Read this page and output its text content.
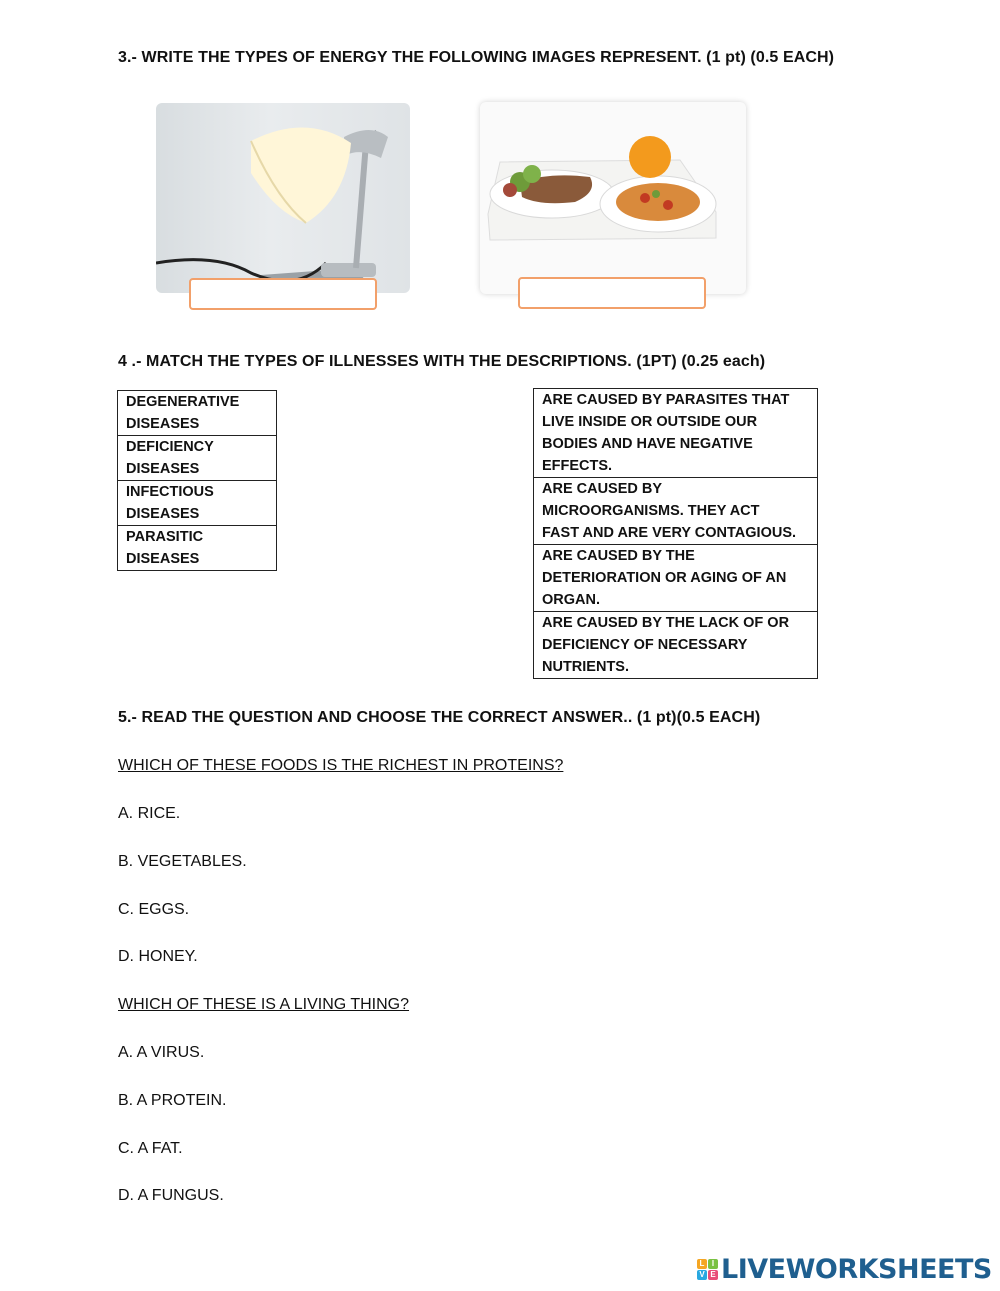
3.- WRITE THE TYPES OF ENERGY THE FOLLOWING IMAGES REPRESENT. (1 pt) (0.5 EACH)
4 .- MATCH THE TYPES OF ILLNESSES WITH THE DESCRIPTIONS. (1PT) (0.25 each)
DEGENERATIVE
DISEASES

DEFICIENCY
DISEASES

INFECTIOUS
DISEASES

PARASITIC
DISEASES
ARE CAUSED BY PARASITES THAT
LIVE INSIDE OR OUTSIDE OUR
BODIES AND HAVE NEGATIVE
EFFECTS.

ARE CAUSED BY
MICROORGANISMS. THEY ACT
FAST AND ARE VERY CONTAGIOUS.

ARE CAUSED BY THE
DETERIORATION OR AGING OF AN
ORGAN.

ARE CAUSED BY THE LACK OF OR
DEFICIENCY OF NECESSARY
NUTRIENTS.
5.- READ THE QUESTION AND CHOOSE THE CORRECT ANSWER.. (1 pt)(0.5 EACH)
WHICH OF THESE FOODS IS THE RICHEST IN PROTEINS?
A. RICE.
B. VEGETABLES.
C. EGGS.
D. HONEY.
WHICH OF THESE IS A LIVING THING?
A. A VIRUS.
B. A PROTEIN.
C. A FAT.
D. A FUNGUS.
L I
V E LIVEWORKSHEETS
